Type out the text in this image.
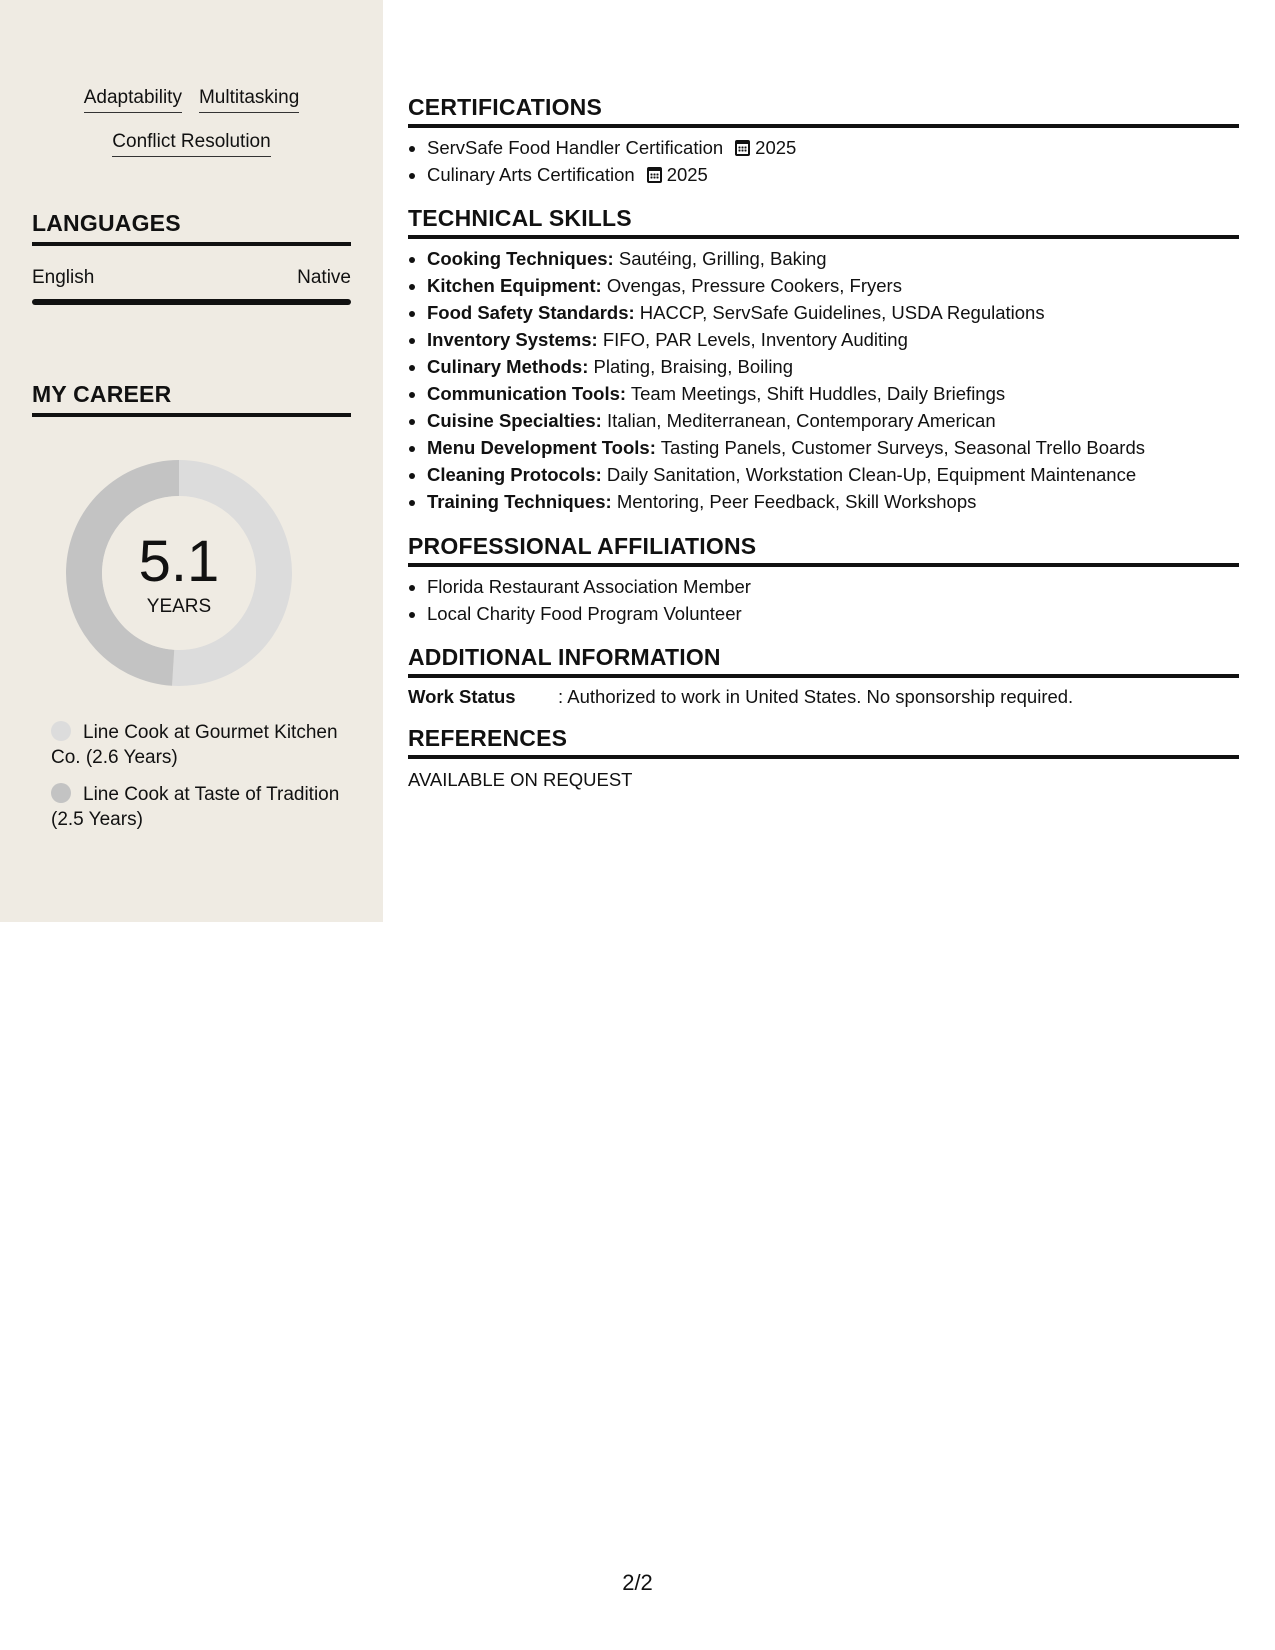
Adaptability Multitasking
Conflict Resolution
LANGUAGES
English	Native
MY CAREER
5.1
YEARS
Line Cook at Gourmet Kitchen Co. (2.6 Years)
Line Cook at Taste of Tradition (2.5 Years)
CERTIFICATIONS
• ServSafe Food Handler Certification 2025
• Culinary Arts Certification 2025
TECHNICAL SKILLS
• Cooking Techniques: Sautéing, Grilling, Baking
• Kitchen Equipment: Ovengas, Pressure Cookers, Fryers
• Food Safety Standards: HACCP, ServSafe Guidelines, USDA Regulations
• Inventory Systems: FIFO, PAR Levels, Inventory Auditing
• Culinary Methods: Plating, Braising, Boiling
• Communication Tools: Team Meetings, Shift Huddles, Daily Briefings
• Cuisine Specialties: Italian, Mediterranean, Contemporary American
• Menu Development Tools: Tasting Panels, Customer Surveys, Seasonal Trello Boards
• Cleaning Protocols: Daily Sanitation, Workstation Clean-Up, Equipment Maintenance
• Training Techniques: Mentoring, Peer Feedback, Skill Workshops
PROFESSIONAL AFFILIATIONS
• Florida Restaurant Association Member
• Local Charity Food Program Volunteer
ADDITIONAL INFORMATION
Work Status	: Authorized to work in United States. No sponsorship required.
REFERENCES
AVAILABLE ON REQUEST
2/2
